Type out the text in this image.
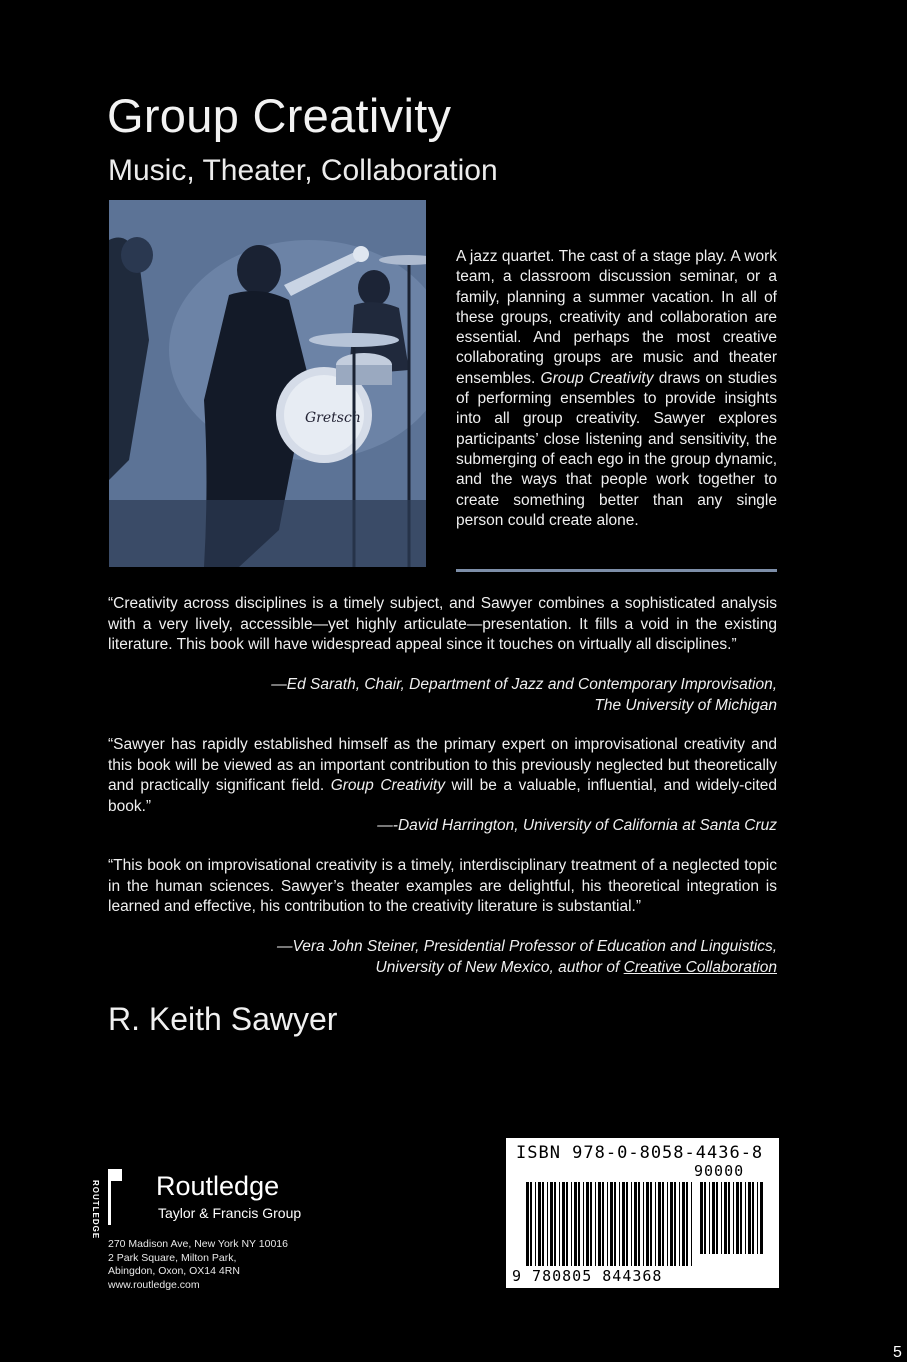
Group Creativity
Music, Theater, Collaboration
Gretsch
A jazz quartet. The cast of a stage play. A work team, a classroom discussion seminar, or a family, planning a summer vacation. In all of these groups, creativity and collaboration are essential. And perhaps the most creative collaborating groups are music and theater ensembles. Group Creativity draws on studies of performing ensembles to provide insights into all group creativity. Sawyer explores participants’ close listening and sensitivity, the submerging of each ego in the group dynamic, and the ways that people work together to create something better than any single person could create alone.
“Creativity across disciplines is a timely subject, and Sawyer combines a sophisticated analysis with a very lively, accessible—yet highly articulate—presentation. It fills a void in the existing literature. This book will have widespread appeal since it touches on virtually all disciplines.”
—Ed Sarath, Chair, Department of Jazz and Contemporary Improvisation,
The University of Michigan
“Sawyer has rapidly established himself as the primary expert on improvisational creativity and this book will be viewed as an important contribution to this previously neglected but theoretically and practically significant field. Group Creativity will be a valuable, influential, and widely-cited book.”
—-David Harrington, University of California at Santa Cruz
“This book on improvisational creativity is a timely, interdisciplinary treatment of a neglected topic in the human sciences. Sawyer’s theater examples are delightful, his theoretical integration is learned and effective, his contribution to the creativity literature is substantial.”
—Vera John Steiner, Presidential Professor of Education and Linguistics,
University of New Mexico, author of Creative Collaboration
R. Keith Sawyer
ROUTLEDGE Routledge
Taylor & Francis Group
270 Madison Ave, New York NY 10016
2 Park Square, Milton Park,
Abingdon, Oxon, OX14 4RN
www.routledge.com
ISBN 978-0-8058-4436-8
90000
9 780805 844368
5
